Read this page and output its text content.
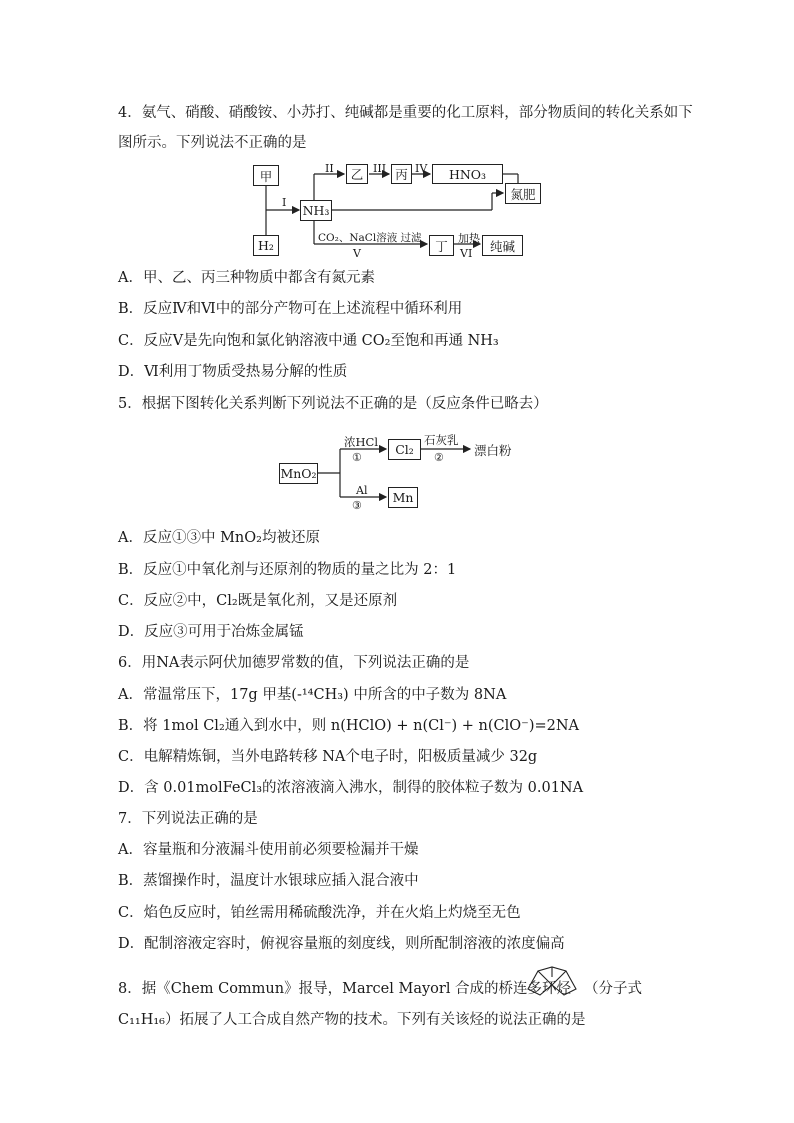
4．氨气、硝酸、硝酸铵、小苏打、纯碱都是重要的化工原料，部分物质间的转化关系如下
图所示。下列说法不正确的是
甲
H₂
NH₃
乙	丙	HNO₃
氮肥
丁	纯碱
I
II	III	IV
CO₂、NaCl溶液 过滤
V
加热
VI
A．甲、乙、丙三种物质中都含有氮元素
B．反应Ⅳ和Ⅵ中的部分产物可在上述流程中循环利用
C．反应Ⅴ是先向饱和氯化钠溶液中通 CO₂至饱和再通 NH₃
D．Ⅵ利用丁物质受热易分解的性质
5．根据下图转化关系判断下列说法不正确的是（反应条件已略去）
MnO₂
Cl₂
Mn
浓HCl
①
石灰乳
② 漂白粉
Al
③
A．反应①③中 MnO₂均被还原
B．反应①中氧化剂与还原剂的物质的量之比为 2：1
C．反应②中，Cl₂既是氧化剂，又是还原剂
D．反应③可用于冶炼金属锰
6．用NA表示阿伏加德罗常数的值，下列说法正确的是
A．常温常压下，17g 甲基(-¹⁴CH₃) 中所含的中子数为 8NA
B．将 1mol Cl₂通入到水中，则 n(HClO) + n(Cl⁻) + n(ClO⁻)=2NA
C．电解精炼铜，当外电路转移 NA个电子时，阳极质量减少 32g
D．含 0.01molFeCl₃的浓溶液滴入沸水，制得的胶体粒子数为 0.01NA
7．下列说法正确的是
A．容量瓶和分液漏斗使用前必须要检漏并干燥
B．蒸馏操作时，温度计水银球应插入混合液中
C．焰色反应时，铂丝需用稀硫酸洗净，并在火焰上灼烧至无色
D．配制溶液定容时，俯视容量瓶的刻度线，则所配制溶液的浓度偏高
8．据《Chem Commun》报导，Marcel Mayorl 合成的桥连多环烃 （分子式
C₁₁H₁₆）拓展了人工合成自然产物的技术。下列有关该烃的说法正确的是
